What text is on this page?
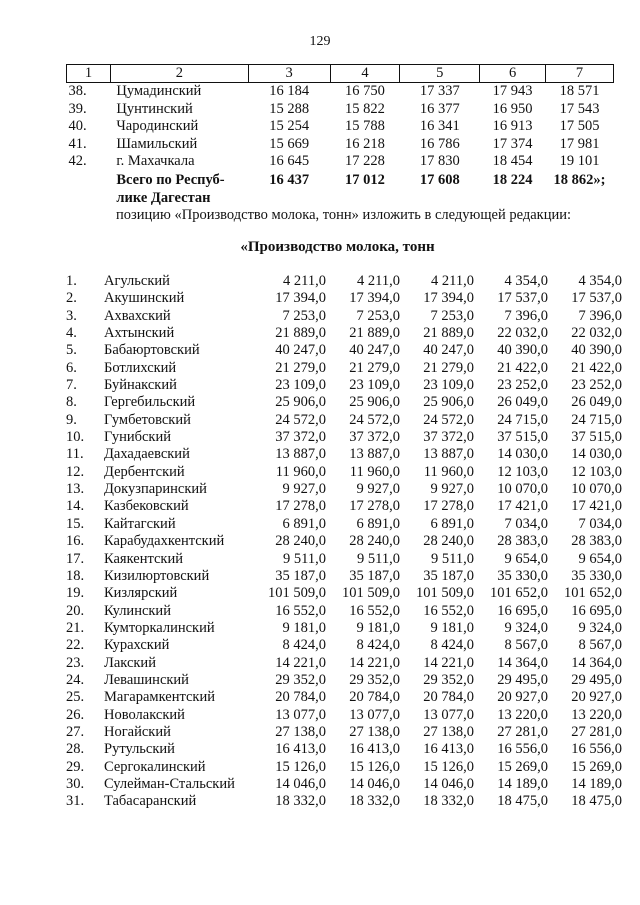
129
1	2	3	4	5	6	7
38.	Цумадинский	16 184	16 750	17 337	17 943	18 571
39.	Цунтинский	15 288	15 822	16 377	16 950	17 543
40.	Чародинский	15 254	15 788	16 341	16 913	17 505
41.	Шамильский	15 669	16 218	16 786	17 374	17 981
42.	г. Махачкала	16 645	17 228	17 830	18 454	19 101

	Всего по Респуб-
лике Дагестан	16 437	17 012	17 608	18 224	18 862»;
позицию «Производство молока, тонн» изложить в следующей редакции:
«Производство молока, тонн
1.	Агульский	4 211,0	4 211,0	4 211,0	4 354,0	4 354,0
2.	Акушинский	17 394,0	17 394,0	17 394,0	17 537,0	17 537,0
3.	Ахвахский	7 253,0	7 253,0	7 253,0	7 396,0	7 396,0
4.	Ахтынский	21 889,0	21 889,0	21 889,0	22 032,0	22 032,0
5.	Бабаюртовский	40 247,0	40 247,0	40 247,0	40 390,0	40 390,0
6.	Ботлихский	21 279,0	21 279,0	21 279,0	21 422,0	21 422,0
7.	Буйнакский	23 109,0	23 109,0	23 109,0	23 252,0	23 252,0
8.	Гергебильский	25 906,0	25 906,0	25 906,0	26 049,0	26 049,0
9.	Гумбетовский	24 572,0	24 572,0	24 572,0	24 715,0	24 715,0
10.	Гунибский	37 372,0	37 372,0	37 372,0	37 515,0	37 515,0
11.	Дахадаевский	13 887,0	13 887,0	13 887,0	14 030,0	14 030,0
12.	Дербентский	11 960,0	11 960,0	11 960,0	12 103,0	12 103,0
13.	Докузпаринский	9 927,0	9 927,0	9 927,0	10 070,0	10 070,0
14.	Казбековский	17 278,0	17 278,0	17 278,0	17 421,0	17 421,0
15.	Кайтагский	6 891,0	6 891,0	6 891,0	7 034,0	7 034,0
16.	Карабудахкентский	28 240,0	28 240,0	28 240,0	28 383,0	28 383,0
17.	Каякентский	9 511,0	9 511,0	9 511,0	9 654,0	9 654,0
18.	Кизилюртовский	35 187,0	35 187,0	35 187,0	35 330,0	35 330,0
19.	Кизлярский	101 509,0	101 509,0	101 509,0	101 652,0	101 652,0
20.	Кулинский	16 552,0	16 552,0	16 552,0	16 695,0	16 695,0
21.	Кумторкалинский	9 181,0	9 181,0	9 181,0	9 324,0	9 324,0
22.	Курахский	8 424,0	8 424,0	8 424,0	8 567,0	8 567,0
23.	Лакский	14 221,0	14 221,0	14 221,0	14 364,0	14 364,0
24.	Левашинский	29 352,0	29 352,0	29 352,0	29 495,0	29 495,0
25.	Магарамкентский	20 784,0	20 784,0	20 784,0	20 927,0	20 927,0
26.	Новолакский	13 077,0	13 077,0	13 077,0	13 220,0	13 220,0
27.	Ногайский	27 138,0	27 138,0	27 138,0	27 281,0	27 281,0
28.	Рутульский	16 413,0	16 413,0	16 413,0	16 556,0	16 556,0
29.	Сергокалинский	15 126,0	15 126,0	15 126,0	15 269,0	15 269,0
30.	Сулейман-Стальский	14 046,0	14 046,0	14 046,0	14 189,0	14 189,0
31.	Табасаранский	18 332,0	18 332,0	18 332,0	18 475,0	18 475,0
